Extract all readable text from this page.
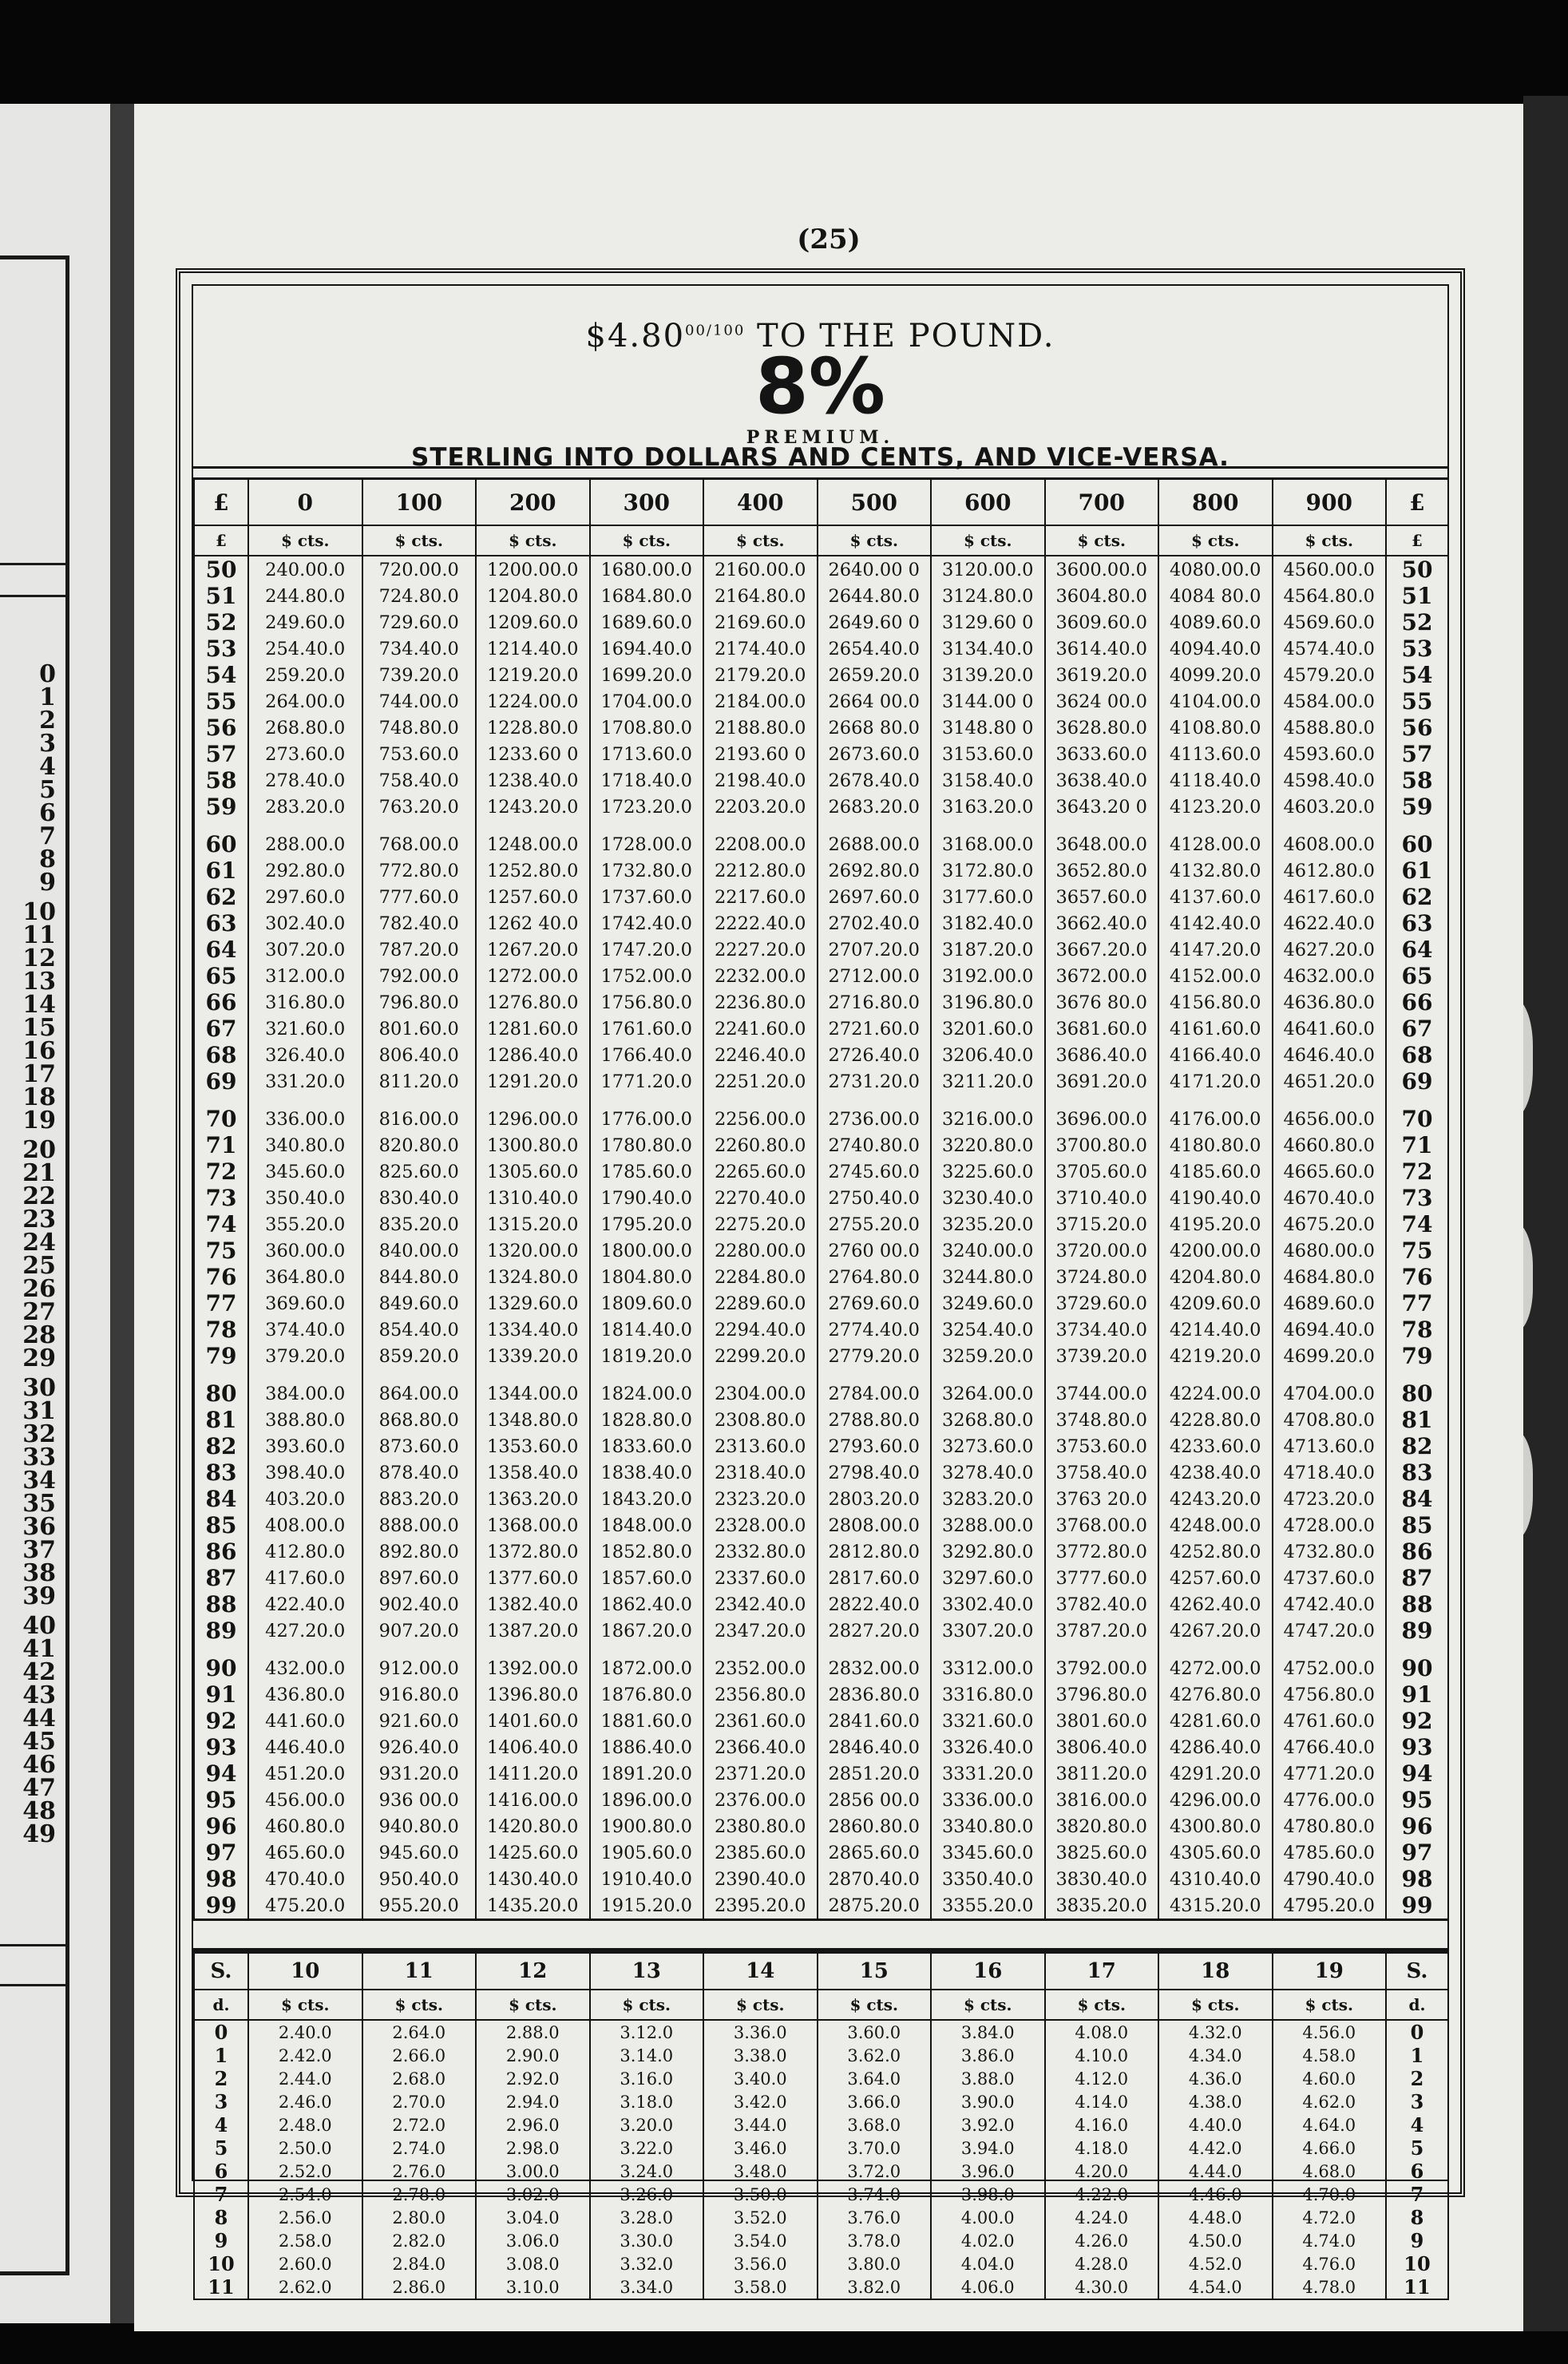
0
1
2
3
4
5
6
7
8
9
10
11
12
13
14
15
16
17
18
19
20
21
22
23
24
25
26
27
28
29
30
31
32
33
34
35
36
37
38
39
40
41
42
43
44
45
46
47
48
49
(25)
$\$4.80^{00/100}$ TO THE POUND.
8%
PREMIUM.
STERLING INTO DOLLARS AND CENTS, AND VICE-VERSA.
£	0	100	200	300	400	500	600	700	800	900	£
£	$ cts.	$ cts.	$ cts.	$ cts.	$ cts.	$ cts.	$ cts.	$ cts.	$ cts.	$ cts.	£
50	240.00.0	720.00.0	1200.00.0	1680.00.0	2160.00.0	2640.00 0	3120.00.0	3600.00.0	4080.00.0	4560.00.0	50
51	244.80.0	724.80.0	1204.80.0	1684.80.0	2164.80.0	2644.80.0	3124.80.0	3604.80.0	4084 80.0	4564.80.0	51
52	249.60.0	729.60.0	1209.60.0	1689.60.0	2169.60.0	2649.60 0	3129.60 0	3609.60.0	4089.60.0	4569.60.0	52
53	254.40.0	734.40.0	1214.40.0	1694.40.0	2174.40.0	2654.40.0	3134.40.0	3614.40.0	4094.40.0	4574.40.0	53
54	259.20.0	739.20.0	1219.20.0	1699.20.0	2179.20.0	2659.20.0	3139.20.0	3619.20.0	4099.20.0	4579.20.0	54
55	264.00.0	744.00.0	1224.00.0	1704.00.0	2184.00.0	2664 00.0	3144.00 0	3624 00.0	4104.00.0	4584.00.0	55
56	268.80.0	748.80.0	1228.80.0	1708.80.0	2188.80.0	2668 80.0	3148.80 0	3628.80.0	4108.80.0	4588.80.0	56
57	273.60.0	753.60.0	1233.60 0	1713.60.0	2193.60 0	2673.60.0	3153.60.0	3633.60.0	4113.60.0	4593.60.0	57
58	278.40.0	758.40.0	1238.40.0	1718.40.0	2198.40.0	2678.40.0	3158.40.0	3638.40.0	4118.40.0	4598.40.0	58
59	283.20.0	763.20.0	1243.20.0	1723.20.0	2203.20.0	2683.20.0	3163.20.0	3643.20 0	4123.20.0	4603.20.0	59

60	288.00.0	768.00.0	1248.00.0	1728.00.0	2208.00.0	2688.00.0	3168.00.0	3648.00.0	4128.00.0	4608.00.0	60
61	292.80.0	772.80.0	1252.80.0	1732.80.0	2212.80.0	2692.80.0	3172.80.0	3652.80.0	4132.80.0	4612.80.0	61
62	297.60.0	777.60.0	1257.60.0	1737.60.0	2217.60.0	2697.60.0	3177.60.0	3657.60.0	4137.60.0	4617.60.0	62
63	302.40.0	782.40.0	1262 40.0	1742.40.0	2222.40.0	2702.40.0	3182.40.0	3662.40.0	4142.40.0	4622.40.0	63
64	307.20.0	787.20.0	1267.20.0	1747.20.0	2227.20.0	2707.20.0	3187.20.0	3667.20.0	4147.20.0	4627.20.0	64
65	312.00.0	792.00.0	1272.00.0	1752.00.0	2232.00.0	2712.00.0	3192.00.0	3672.00.0	4152.00.0	4632.00.0	65
66	316.80.0	796.80.0	1276.80.0	1756.80.0	2236.80.0	2716.80.0	3196.80.0	3676 80.0	4156.80.0	4636.80.0	66
67	321.60.0	801.60.0	1281.60.0	1761.60.0	2241.60.0	2721.60.0	3201.60.0	3681.60.0	4161.60.0	4641.60.0	67
68	326.40.0	806.40.0	1286.40.0	1766.40.0	2246.40.0	2726.40.0	3206.40.0	3686.40.0	4166.40.0	4646.40.0	68
69	331.20.0	811.20.0	1291.20.0	1771.20.0	2251.20.0	2731.20.0	3211.20.0	3691.20.0	4171.20.0	4651.20.0	69

70	336.00.0	816.00.0	1296.00.0	1776.00.0	2256.00.0	2736.00.0	3216.00.0	3696.00.0	4176.00.0	4656.00.0	70
71	340.80.0	820.80.0	1300.80.0	1780.80.0	2260.80.0	2740.80.0	3220.80.0	3700.80.0	4180.80.0	4660.80.0	71
72	345.60.0	825.60.0	1305.60.0	1785.60.0	2265.60.0	2745.60.0	3225.60.0	3705.60.0	4185.60.0	4665.60.0	72
73	350.40.0	830.40.0	1310.40.0	1790.40.0	2270.40.0	2750.40.0	3230.40.0	3710.40.0	4190.40.0	4670.40.0	73
74	355.20.0	835.20.0	1315.20.0	1795.20.0	2275.20.0	2755.20.0	3235.20.0	3715.20.0	4195.20.0	4675.20.0	74
75	360.00.0	840.00.0	1320.00.0	1800.00.0	2280.00.0	2760 00.0	3240.00.0	3720.00.0	4200.00.0	4680.00.0	75
76	364.80.0	844.80.0	1324.80.0	1804.80.0	2284.80.0	2764.80.0	3244.80.0	3724.80.0	4204.80.0	4684.80.0	76
77	369.60.0	849.60.0	1329.60.0	1809.60.0	2289.60.0	2769.60.0	3249.60.0	3729.60.0	4209.60.0	4689.60.0	77
78	374.40.0	854.40.0	1334.40.0	1814.40.0	2294.40.0	2774.40.0	3254.40.0	3734.40.0	4214.40.0	4694.40.0	78
79	379.20.0	859.20.0	1339.20.0	1819.20.0	2299.20.0	2779.20.0	3259.20.0	3739.20.0	4219.20.0	4699.20.0	79

80	384.00.0	864.00.0	1344.00.0	1824.00.0	2304.00.0	2784.00.0	3264.00.0	3744.00.0	4224.00.0	4704.00.0	80
81	388.80.0	868.80.0	1348.80.0	1828.80.0	2308.80.0	2788.80.0	3268.80.0	3748.80.0	4228.80.0	4708.80.0	81
82	393.60.0	873.60.0	1353.60.0	1833.60.0	2313.60.0	2793.60.0	3273.60.0	3753.60.0	4233.60.0	4713.60.0	82
83	398.40.0	878.40.0	1358.40.0	1838.40.0	2318.40.0	2798.40.0	3278.40.0	3758.40.0	4238.40.0	4718.40.0	83
84	403.20.0	883.20.0	1363.20.0	1843.20.0	2323.20.0	2803.20.0	3283.20.0	3763 20.0	4243.20.0	4723.20.0	84
85	408.00.0	888.00.0	1368.00.0	1848.00.0	2328.00.0	2808.00.0	3288.00.0	3768.00.0	4248.00.0	4728.00.0	85
86	412.80.0	892.80.0	1372.80.0	1852.80.0	2332.80.0	2812.80.0	3292.80.0	3772.80.0	4252.80.0	4732.80.0	86
87	417.60.0	897.60.0	1377.60.0	1857.60.0	2337.60.0	2817.60.0	3297.60.0	3777.60.0	4257.60.0	4737.60.0	87
88	422.40.0	902.40.0	1382.40.0	1862.40.0	2342.40.0	2822.40.0	3302.40.0	3782.40.0	4262.40.0	4742.40.0	88
89	427.20.0	907.20.0	1387.20.0	1867.20.0	2347.20.0	2827.20.0	3307.20.0	3787.20.0	4267.20.0	4747.20.0	89

90	432.00.0	912.00.0	1392.00.0	1872.00.0	2352.00.0	2832.00.0	3312.00.0	3792.00.0	4272.00.0	4752.00.0	90
91	436.80.0	916.80.0	1396.80.0	1876.80.0	2356.80.0	2836.80.0	3316.80.0	3796.80.0	4276.80.0	4756.80.0	91
92	441.60.0	921.60.0	1401.60.0	1881.60.0	2361.60.0	2841.60.0	3321.60.0	3801.60.0	4281.60.0	4761.60.0	92
93	446.40.0	926.40.0	1406.40.0	1886.40.0	2366.40.0	2846.40.0	3326.40.0	3806.40.0	4286.40.0	4766.40.0	93
94	451.20.0	931.20.0	1411.20.0	1891.20.0	2371.20.0	2851.20.0	3331.20.0	3811.20.0	4291.20.0	4771.20.0	94
95	456.00.0	936 00.0	1416.00.0	1896.00.0	2376.00.0	2856 00.0	3336.00.0	3816.00.0	4296.00.0	4776.00.0	95
96	460.80.0	940.80.0	1420.80.0	1900.80.0	2380.80.0	2860.80.0	3340.80.0	3820.80.0	4300.80.0	4780.80.0	96
97	465.60.0	945.60.0	1425.60.0	1905.60.0	2385.60.0	2865.60.0	3345.60.0	3825.60.0	4305.60.0	4785.60.0	97
98	470.40.0	950.40.0	1430.40.0	1910.40.0	2390.40.0	2870.40.0	3350.40.0	3830.40.0	4310.40.0	4790.40.0	98
99	475.20.0	955.20.0	1435.20.0	1915.20.0	2395.20.0	2875.20.0	3355.20.0	3835.20.0	4315.20.0	4795.20.0	99
S.	10	11	12	13	14	15	16	17	18	19	S.
d.	$ cts.	$ cts.	$ cts.	$ cts.	$ cts.	$ cts.	$ cts.	$ cts.	$ cts.	$ cts.	d.
0	2.40.0	2.64.0	2.88.0	3.12.0	3.36.0	3.60.0	3.84.0	4.08.0	4.32.0	4.56.0	0
1	2.42.0	2.66.0	2.90.0	3.14.0	3.38.0	3.62.0	3.86.0	4.10.0	4.34.0	4.58.0	1
2	2.44.0	2.68.0	2.92.0	3.16.0	3.40.0	3.64.0	3.88.0	4.12.0	4.36.0	4.60.0	2
3	2.46.0	2.70.0	2.94.0	3.18.0	3.42.0	3.66.0	3.90.0	4.14.0	4.38.0	4.62.0	3
4	2.48.0	2.72.0	2.96.0	3.20.0	3.44.0	3.68.0	3.92.0	4.16.0	4.40.0	4.64.0	4
5	2.50.0	2.74.0	2.98.0	3.22.0	3.46.0	3.70.0	3.94.0	4.18.0	4.42.0	4.66.0	5
6	2.52.0	2.76.0	3.00.0	3.24.0	3.48.0	3.72.0	3.96.0	4.20.0	4.44.0	4.68.0	6
7	2.54.0	2.78.0	3.02.0	3.26.0	3.50.0	3.74.0	3.98.0	4.22.0	4.46.0	4.70.0	7
8	2.56.0	2.80.0	3.04.0	3.28.0	3.52.0	3.76.0	4.00.0	4.24.0	4.48.0	4.72.0	8
9	2.58.0	2.82.0	3.06.0	3.30.0	3.54.0	3.78.0	4.02.0	4.26.0	4.50.0	4.74.0	9
10	2.60.0	2.84.0	3.08.0	3.32.0	3.56.0	3.80.0	4.04.0	4.28.0	4.52.0	4.76.0	10
11	2.62.0	2.86.0	3.10.0	3.34.0	3.58.0	3.82.0	4.06.0	4.30.0	4.54.0	4.78.0	11
